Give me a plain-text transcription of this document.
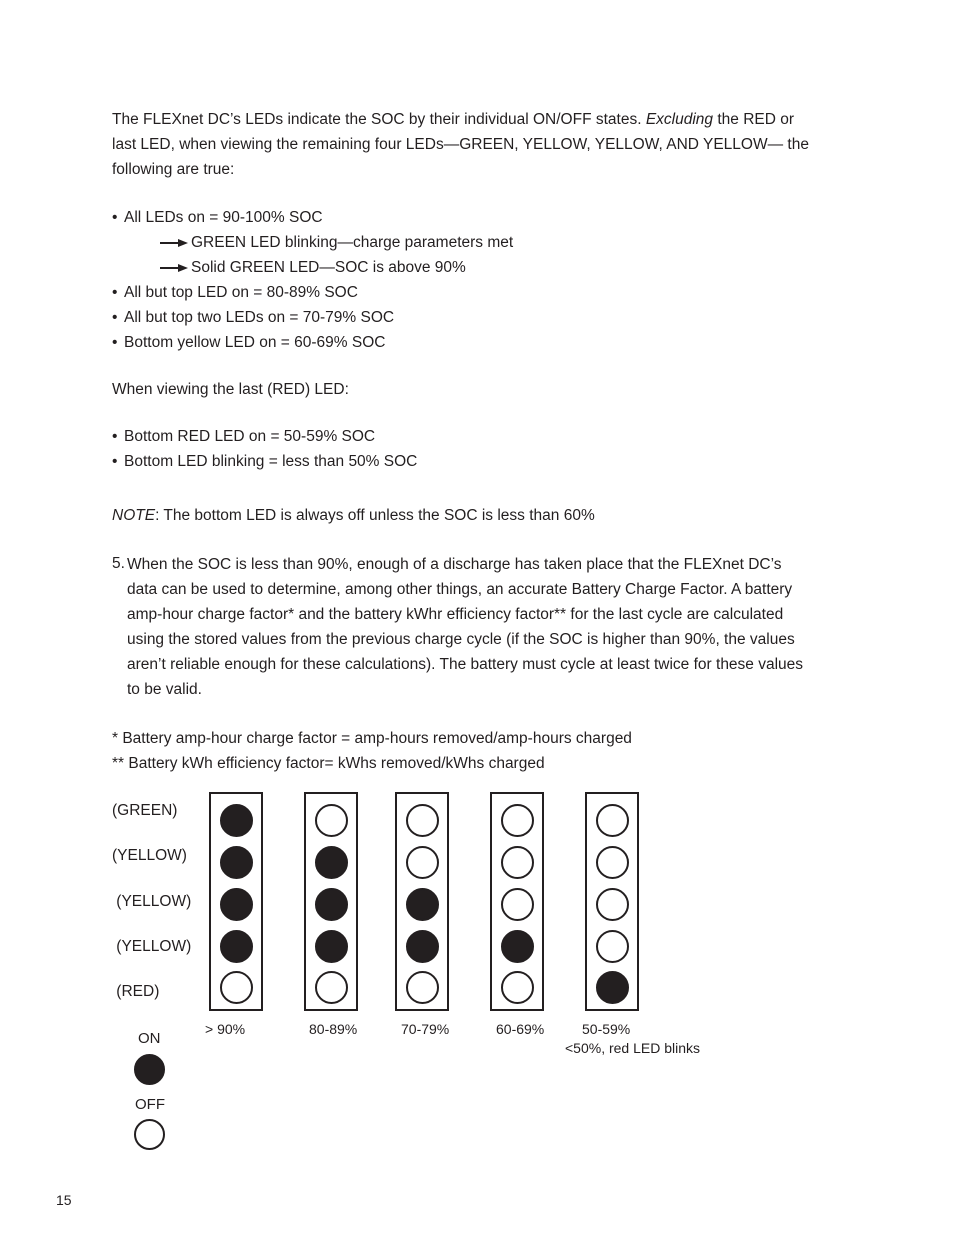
The FLEXnet DC’s LEDs indicate the SOC by their individual ON/OFF states. Excluding the RED or last LED, when viewing the remaining four LEDs—GREEN, YELLOW, YELLOW, AND YELLOW— the following are true:
• All LEDs on = 90-100% SOC
GREEN LED blinking—charge parameters met
Solid GREEN LED—SOC is above 90%
• All but top LED on = 80-89% SOC
• All but top two LEDs on = 70-79% SOC
• Bottom yellow LED on = 60-69% SOC
When viewing the last (RED) LED:
• Bottom RED LED on = 50-59% SOC
• Bottom LED blinking = less than 50% SOC
NOTE: The bottom LED is always off unless the SOC is less than 60%
5. When the SOC is less than 90%, enough of a discharge has taken place that the FLEXnet DC’s data can be used to determine, among other things, an accurate Battery Charge Factor. A battery amp-hour charge factor* and the battery kWhr efficiency factor** for the last cycle are calculated using the stored values from the previous charge cycle (if the SOC is higher than 90%, the values aren’t reliable enough for these calculations). The battery must cycle at least twice for these values to be valid.
* Battery amp-hour charge factor = amp-hours removed/amp-hours charged
** Battery kWh efficiency factor= kWhs removed/kWhs charged
(GREEN)
(YELLOW)
(YELLOW)
(YELLOW)
(RED)
> 90%	80-89%	70-79%	60-69%	50-59%
<50%, red LED blinks
ON
OFF
15
